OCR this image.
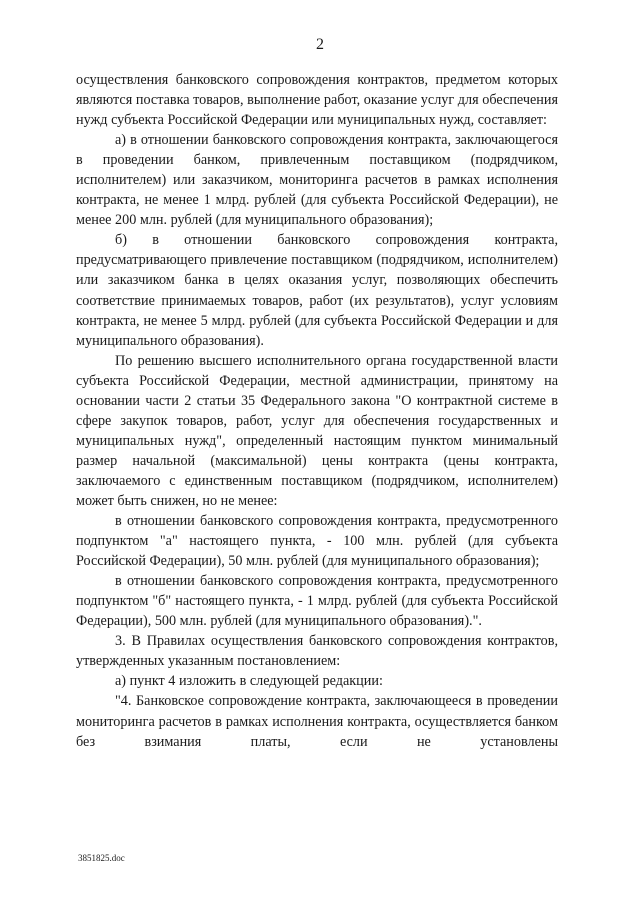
2

осуществления банковского сопровождения контрактов, предметом которых являются поставка товаров, выполнение работ, оказание услуг для обеспечения нужд субъекта Российской Федерации или муниципальных нужд, составляет:

а) в отношении банковского сопровождения контракта, заключающегося в проведении банком, привлеченным поставщиком (подрядчиком, исполнителем) или заказчиком, мониторинга расчетов в рамках исполнения контракта, не менее 1 млрд. рублей (для субъекта Российской Федерации), не менее 200 млн. рублей (для муниципального образования);

б) в отношении банковского сопровождения контракта, предусматривающего привлечение поставщиком (подрядчиком, исполнителем) или заказчиком банка в целях оказания услуг, позволяющих обеспечить соответствие принимаемых товаров, работ (их результатов), услуг условиям контракта, не менее 5 млрд. рублей (для субъекта Российской Федерации и для муниципального образования).

По решению высшего исполнительного органа государственной власти субъекта Российской Федерации, местной администрации, принятому на основании части 2 статьи 35 Федерального закона "О контрактной системе в сфере закупок товаров, работ, услуг для обеспечения государственных и муниципальных нужд", определенный настоящим пунктом минимальный размер начальной (максимальной) цены контракта (цены контракта, заключаемого с единственным поставщиком (подрядчиком, исполнителем) может быть снижен, но не менее:

в отношении банковского сопровождения контракта, предусмотренного подпунктом "а" настоящего пункта, - 100 млн. рублей (для субъекта Российской Федерации), 50 млн. рублей (для муниципального образования);

в отношении банковского сопровождения контракта, предусмотренного подпунктом "б" настоящего пункта, - 1 млрд. рублей (для субъекта Российской Федерации), 500 млн. рублей (для муниципального образования).".

3. В Правилах осуществления банковского сопровождения контрактов, утвержденных указанным постановлением:

а) пункт 4 изложить в следующей редакции:

"4. Банковское сопровождение контракта, заключающееся в проведении мониторинга расчетов в рамках исполнения контракта, осуществляется банком без взимания платы, если не установлены

3851825.doc
